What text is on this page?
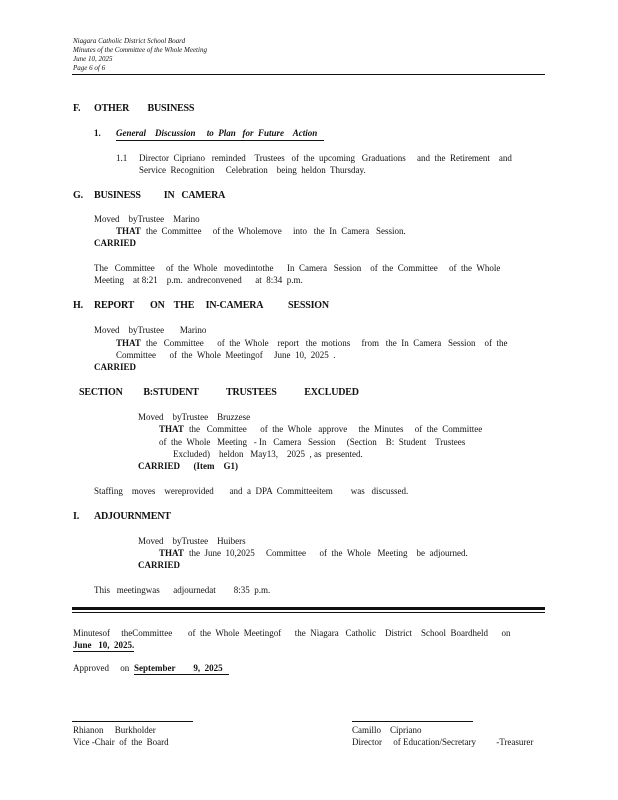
Niagara Catholic District School Board
Minutes of the Committee of the Whole Meeting
June 10, 2025
Page 6 of 6
F. OTHER        BUSINESS
1. General    Discussion     to  Plan   for  Future    Action
1.1 Director  Cipriano   reminded    Trustees   of  the  upcoming   Graduations     and  the  Retirement    and
Service  Recognition     Celebration    being  heldon  Thursday.
G. BUSINESS          IN   CAMERA
Moved    byTrustee    Marino
THAT the  Committee     of the  Wholemove     into   the  In  Camera   Session.
CARRIED
The   Committee     of  the  Whole   movedintothe      In  Camera   Session    of  the  Committee     of  the  Whole
Meeting    at 8:21    p.m.  andreconvened      at  8:34  p.m.
H. REPORT       ON    THE     IN-CAMERA           SESSION
Moved    byTrustee       Marino
THAT the   Committee      of  the  Whole    report   the  motions     from   the  In  Camera   Session    of  the
Committee      of  the  Whole  Meetingof     June  10,  2025  .
CARRIED
SECTION         B:STUDENT            TRUSTEES            EXCLUDED
Moved    byTrustee    Bruzzese
THAT the   Committee      of  the  Whole   approve     the  Minutes     of  the  Committee
of  the  Whole   Meeting   - In   Camera   Session     (Section    B:  Student    Trustees
Excluded)    heldon   May13,    2025  , as  presented.
CARRIED      (Item    G1)
Staffing    moves    wereprovided       and  a  DPA  Committeeitem        was   discussed.
I. ADJOURNMENT
Moved    byTrustee    Huibers
THAT the  June  10,2025     Committee      of  the  Whole   Meeting    be  adjourned.
CARRIED
This   meetingwas      adjournedat        8:35  p.m.
Minutesof     theCommittee       of  the  Whole  Meetingof      the  Niagara   Catholic    District    School  Boardheld      on
June   10,  2025.
Approved     on September        9,  2025
Rhianon     Burkholder
Vice -Chair  of  the  Board
Camillo    Cipriano
Director     of Education/Secretary         -Treasurer
